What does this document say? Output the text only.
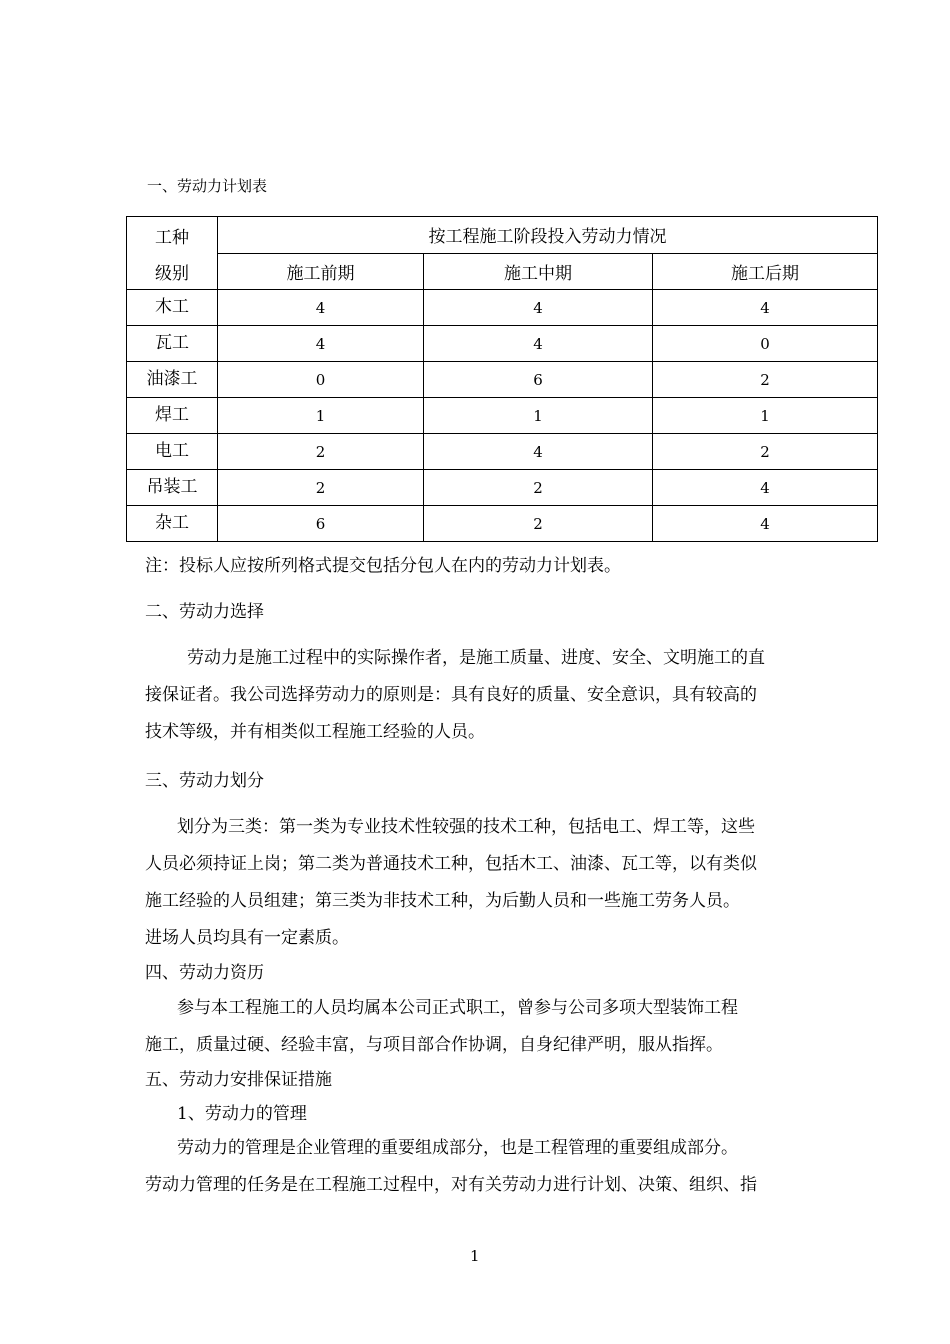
一、劳动力计划表
工种
级别	按工程施工阶段投入劳动力情况		
	施工前期	施工中期	施工后期
木工	4	4	4
瓦工	4	4	0
油漆工	0	6	2
焊工	1	1	1
电工	2	4	2
吊装工	2	2	4
杂工	6	2	4
注：投标人应按所列格式提交包括分包人在内的劳动力计划表。
二、劳动力选择
劳动力是施工过程中的实际操作者，是施工质量、进度、安全、文明施工的直
接保证者。我公司选择劳动力的原则是：具有良好的质量、安全意识，具有较高的
技术等级，并有相类似工程施工经验的人员。
三、劳动力划分
划分为三类：第一类为专业技术性较强的技术工种，包括电工、焊工等，这些
人员必须持证上岗；第二类为普通技术工种，包括木工、油漆、瓦工等，以有类似
施工经验的人员组建；第三类为非技术工种，为后勤人员和一些施工劳务人员。
进场人员均具有一定素质。
四、劳动力资历
参与本工程施工的人员均属本公司正式职工，曾参与公司多项大型装饰工程
施工，质量过硬、经验丰富，与项目部合作协调，自身纪律严明，服从指挥。
五、劳动力安排保证措施
1、劳动力的管理
劳动力的管理是企业管理的重要组成部分，也是工程管理的重要组成部分。
劳动力管理的任务是在工程施工过程中，对有关劳动力进行计划、决策、组织、指
1
